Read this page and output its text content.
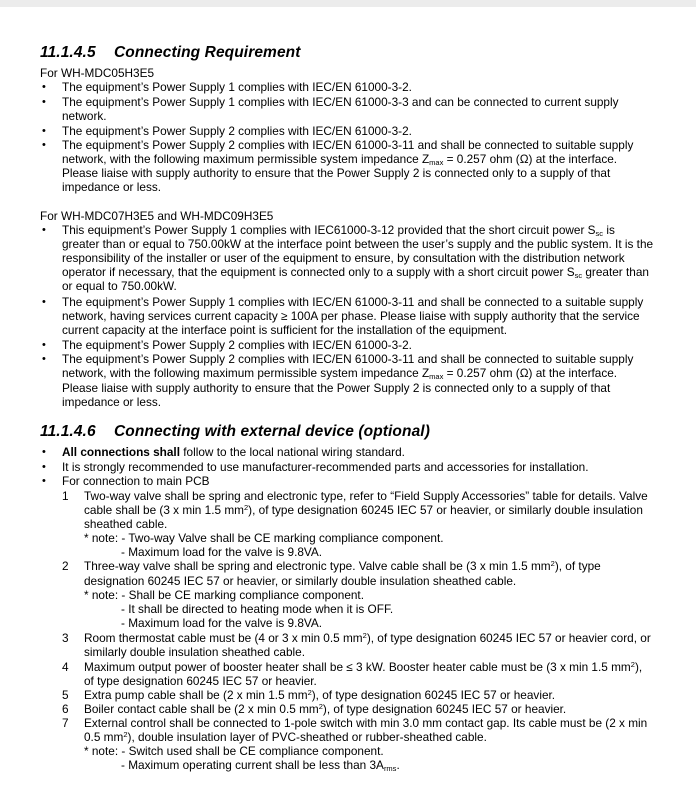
11.1.4.5 Connecting Requirement
For WH-MDC05H3E5
• The equipment’s Power Supply 1 complies with IEC/EN 61000-3-2.
• The equipment’s Power Supply 1 complies with IEC/EN 61000-3-3 and can be connected to current supply
network.
• The equipment’s Power Supply 2 complies with IEC/EN 61000-3-2.
• The equipment’s Power Supply 2 complies with IEC/EN 61000-3-11 and shall be connected to suitable supply
network, with the following maximum permissible system impedance $Z_{max} = 0.257$ ohm (Ω) at the interface.
Please liaise with supply authority to ensure that the Power Supply 2 is connected only to a supply of that
impedance or less.
For WH-MDC07H3E5 and WH-MDC09H3E5
• This equipment’s Power Supply 1 complies with IEC61000-3-12 provided that the short circuit power $S_{sc}$ is
greater than or equal to 750.00kW at the interface point between the user’s supply and the public system. It is the
responsibility of the installer or user of the equipment to ensure, by consultation with the distribution network
operator if necessary, that the equipment is connected only to a supply with a short circuit power $S_{sc}$ greater than
or equal to 750.00kW.
• The equipment’s Power Supply 1 complies with IEC/EN 61000-3-11 and shall be connected to a suitable supply
network, having services current capacity ≥ 100A per phase. Please liaise with supply authority that the service
current capacity at the interface point is sufficient for the installation of the equipment.
• The equipment’s Power Supply 2 complies with IEC/EN 61000-3-2.
• The equipment’s Power Supply 2 complies with IEC/EN 61000-3-11 and shall be connected to suitable supply
network, with the following maximum permissible system impedance $Z_{max} = 0.257$ ohm (Ω) at the interface.
Please liaise with supply authority to ensure that the Power Supply 2 is connected only to a supply of that
impedance or less.
11.1.4.6 Connecting with external device (optional)
• All connections shall follow to the local national wiring standard.
• It is strongly recommended to use manufacturer-recommended parts and accessories for installation.
• For connection to main PCB
1 Two-way valve shall be spring and electronic type, refer to “Field Supply Accessories” table for details. Valve
cable shall be (3 x min 1.5 $mm^2$), of type designation 60245 IEC 57 or heavier, or similarly double insulation
sheathed cable.
* note: - Two-way Valve shall be CE marking compliance component.
- Maximum load for the valve is 9.8VA.
2 Three-way valve shall be spring and electronic type. Valve cable shall be (3 x min 1.5 $mm^2$), of type
designation 60245 IEC 57 or heavier, or similarly double insulation sheathed cable.
* note: - Shall be CE marking compliance component.
- It shall be directed to heating mode when it is OFF.
- Maximum load for the valve is 9.8VA.
3 Room thermostat cable must be (4 or 3 x min 0.5 $mm^2$), of type designation 60245 IEC 57 or heavier cord, or
similarly double insulation sheathed cable.
4 Maximum output power of booster heater shall be ≤ 3 kW. Booster heater cable must be (3 x min 1.5 $mm^2$),
of type designation 60245 IEC 57 or heavier.
5 Extra pump cable shall be (2 x min 1.5 $mm^2$), of type designation 60245 IEC 57 or heavier.
6 Boiler contact cable shall be (2 x min 0.5 $mm^2$), of type designation 60245 IEC 57 or heavier.
7 External control shall be connected to 1-pole switch with min 3.0 mm contact gap. Its cable must be (2 x min
0.5 $mm^2$), double insulation layer of PVC-sheathed or rubber-sheathed cable.
* note: - Switch used shall be CE compliance component.
- Maximum operating current shall be less than $3A_{rms}$.
